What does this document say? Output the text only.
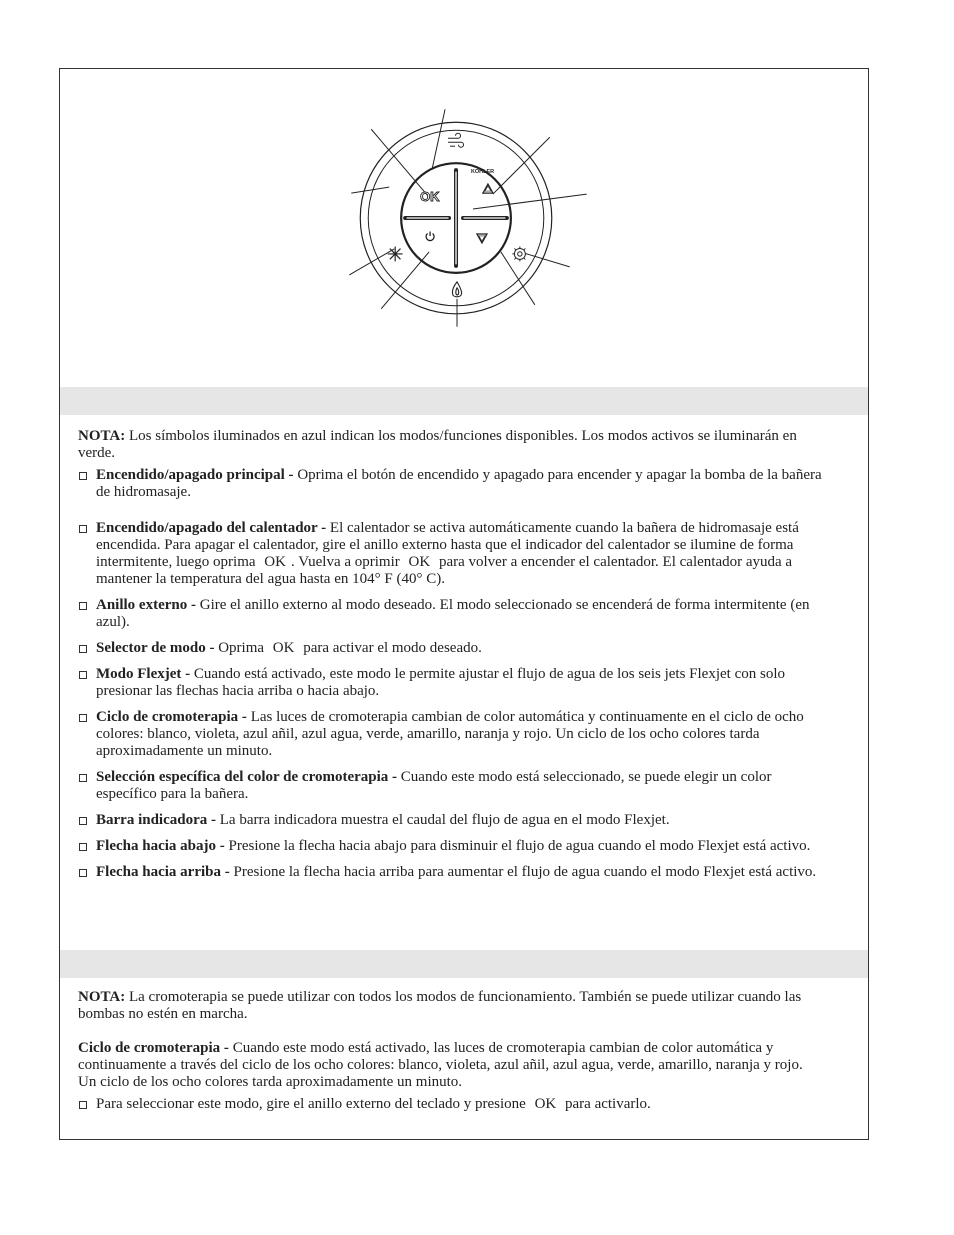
KOHLER
OK

NOTA: Los símbolos iluminados en azul indican los modos/funciones disponibles. Los modos activos se iluminarán en verde.

Encendido/apagado principal - Oprima el botón de encendido y apagado para encender y apagar la bomba de la bañera de hidromasaje.
Encendido/apagado del calentador - El calentador se activa automáticamente cuando la bañera de hidromasaje está encendida. Para apagar el calentador, gire el anillo externo hasta que el indicador del calentador se ilumine de forma intermitente, luego oprima OK . Vuelva a oprimir OK para volver a encender el calentador. El calentador ayuda a mantener la temperatura del agua hasta en 104° F (40° C).
Anillo externo - Gire el anillo externo al modo deseado. El modo seleccionado se encenderá de forma intermitente (en azul).
Selector de modo - Oprima OK para activar el modo deseado.
Modo Flexjet - Cuando está activado, este modo le permite ajustar el flujo de agua de los seis jets Flexjet con solo presionar las flechas hacia arriba o hacia abajo.
Ciclo de cromoterapia - Las luces de cromoterapia cambian de color automática y continuamente en el ciclo de ocho colores: blanco, violeta, azul añil, azul agua, verde, amarillo, naranja y rojo. Un ciclo de los ocho colores tarda aproximadamente un minuto.
Selección específica del color de cromoterapia - Cuando este modo está seleccionado, se puede elegir un color específico para la bañera.
Barra indicadora - La barra indicadora muestra el caudal del flujo de agua en el modo Flexjet.
Flecha hacia abajo - Presione la flecha hacia abajo para disminuir el flujo de agua cuando el modo Flexjet está activo.
Flecha hacia arriba - Presione la flecha hacia arriba para aumentar el flujo de agua cuando el modo Flexjet está activo.

NOTA: La cromoterapia se puede utilizar con todos los modos de funcionamiento. También se puede utilizar cuando las bombas no estén en marcha.

Ciclo de cromoterapia - Cuando este modo está activado, las luces de cromoterapia cambian de color automática y continuamente a través del ciclo de los ocho colores: blanco, violeta, azul añil, azul agua, verde, amarillo, naranja y rojo. Un ciclo de los ocho colores tarda aproximadamente un minuto.

Para seleccionar este modo, gire el anillo externo del teclado y presione OK para activarlo.
